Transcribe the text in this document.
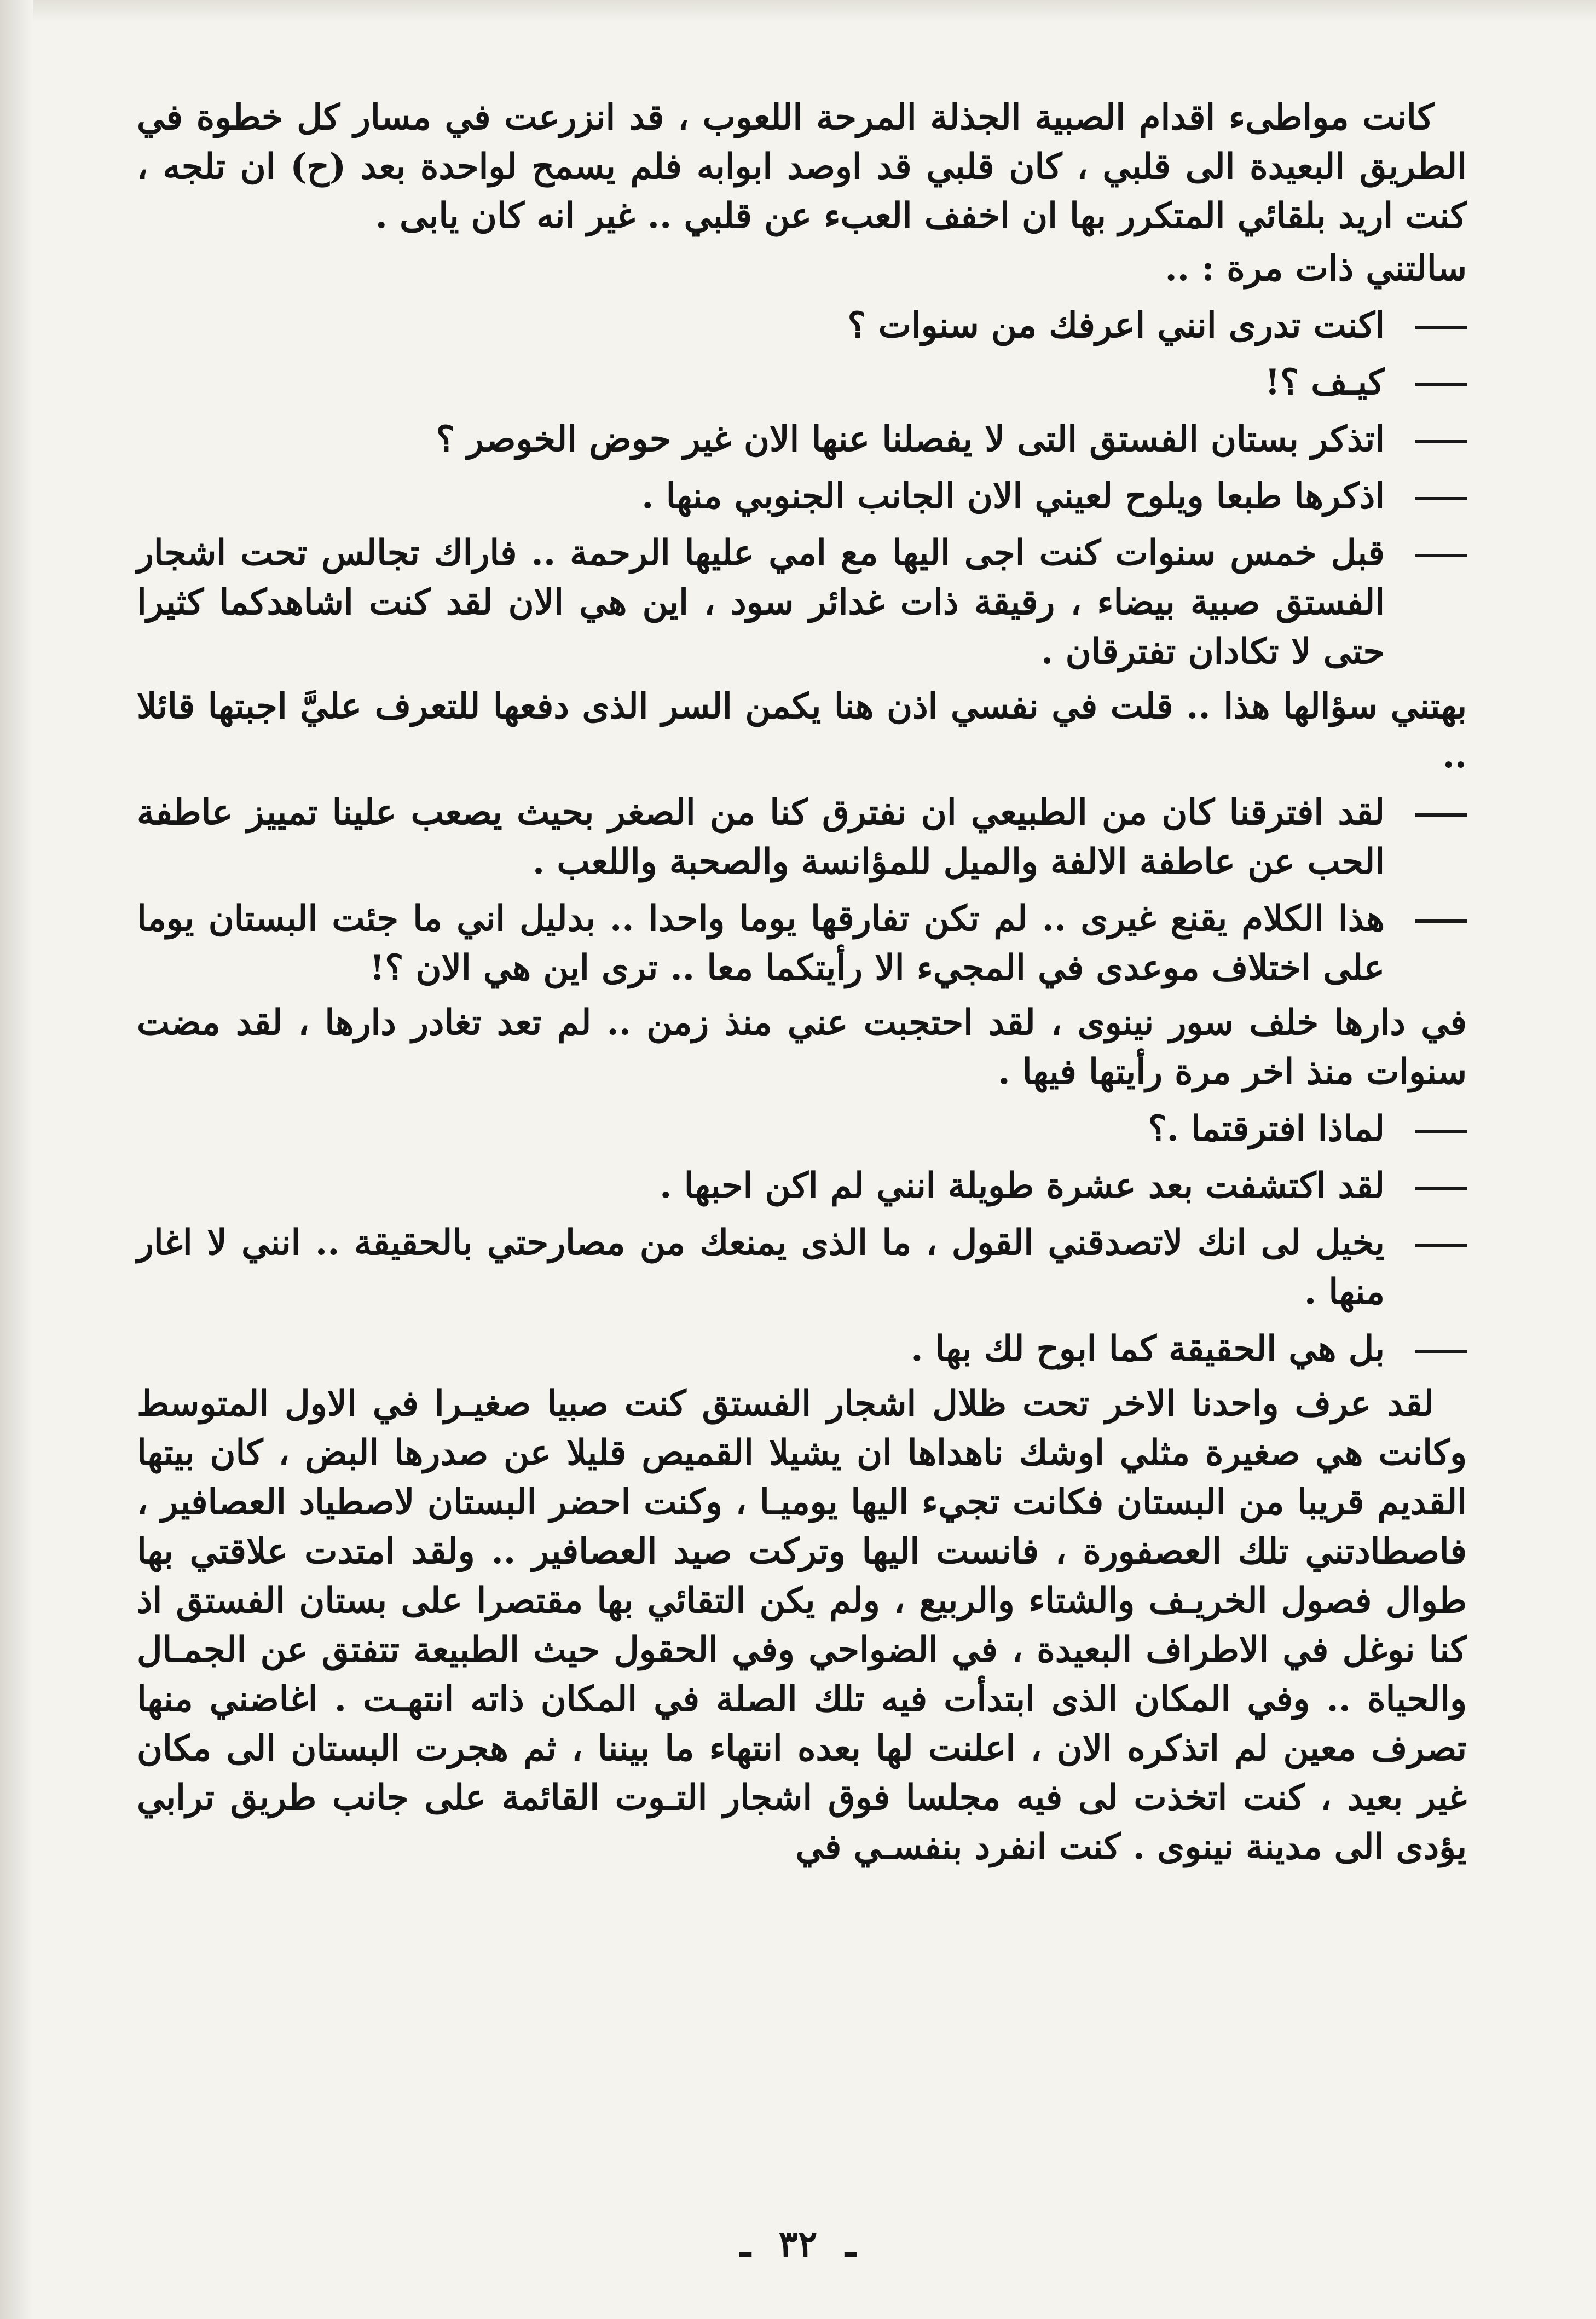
كانت مواطىء اقدام الصبية الجذلة المرحة اللعوب ، قد انزرعت في مسار كل خطوة في الطريق البعيدة الى قلبي ، كان قلبي قد اوصد ابوابه فلم يسمح لواحدة بعد (ح) ان تلجه ، كنت اريد بلقائي المتكرر بها ان اخفف العبء عن قلبي .. غير انه كان يابى .
سالتني ذات مرة : ..
اكنت تدرى انني اعرفك من سنوات ؟
كيـف ؟!
اتذكر بستان الفستق التى لا يفصلنا عنها الان غير حوض الخوصر ؟
اذكرها طبعا ويلوح لعيني الان الجانب الجنوبي منها .
قبل خمس سنوات كنت اجى اليها مع امي عليها الرحمة .. فاراك تجالس تحت اشجار الفستق صبية بيضاء ، رقيقة ذات غدائر سود ، اين هي الان لقد كنت اشاهدكما كثيرا حتى لا تكادان تفترقان .
بهتني سؤالها هذا .. قلت في نفسي اذن هنا يكمن السر الذى دفعها للتعرف عليَّ اجبتها قائلا ..
لقد افترقنا كان من الطبيعي ان نفترق كنا من الصغر بحيث يصعب علينا تمييز عاطفة الحب عن عاطفة الالفة والميل للمؤانسة والصحبة واللعب .
هذا الكلام يقنع غيرى .. لم تكن تفارقها يوما واحدا .. بدليل اني ما جئت البستان يوما على اختلاف موعدى في المجيء الا رأيتكما معا .. ترى اين هي الان ؟!
في دارها خلف سور نينوى ، لقد احتجبت عني منذ زمن .. لم تعد تغادر دارها ، لقد مضت سنوات منذ اخر مرة رأيتها فيها .
لماذا افترقتما .؟
لقد اكتشفت بعد عشرة طويلة انني لم اكن احبها .
يخيل لى انك لاتصدقني القول ، ما الذى يمنعك من مصارحتي بالحقيقة .. انني لا اغار منها .
بل هي الحقيقة كما ابوح لك بها .
لقد عرف واحدنا الاخر تحت ظلال اشجار الفستق كنت صبيا صغيـرا في الاول المتوسط وكانت هي صغيرة مثلي اوشك ناهداها ان يشيلا القميص قليلا عن صدرها البض ، كان بيتها القديم قريبا من البستان فكانت تجيء اليها يوميـا ، وكنت احضر البستان لاصطياد العصافير ، فاصطادتني تلك العصفورة ، فانست اليها وتركت صيد العصافير .. ولقد امتدت علاقتي بها طوال فصول الخريـف والشتاء والربيع ، ولم يكن التقائي بها مقتصرا على بستان الفستق اذ كنا نوغل في الاطراف البعيدة ، في الضواحي وفي الحقول حيث الطبيعة تتفتق عن الجمـال والحياة .. وفي المكان الذى ابتدأت فيه تلك الصلة في المكان ذاته انتهـت . اغاضني منها تصرف معين لم اتذكره الان ، اعلنت لها بعده انتهاء ما بيننا ، ثم هجرت البستان الى مكان غير بعيد ، كنت اتخذت لى فيه مجلسا فوق اشجار التـوت القائمة على جانب طريق ترابي يؤدى الى مدينة نينوى . كنت انفرد بنفسـي في
ـ ٣٢ ـ
